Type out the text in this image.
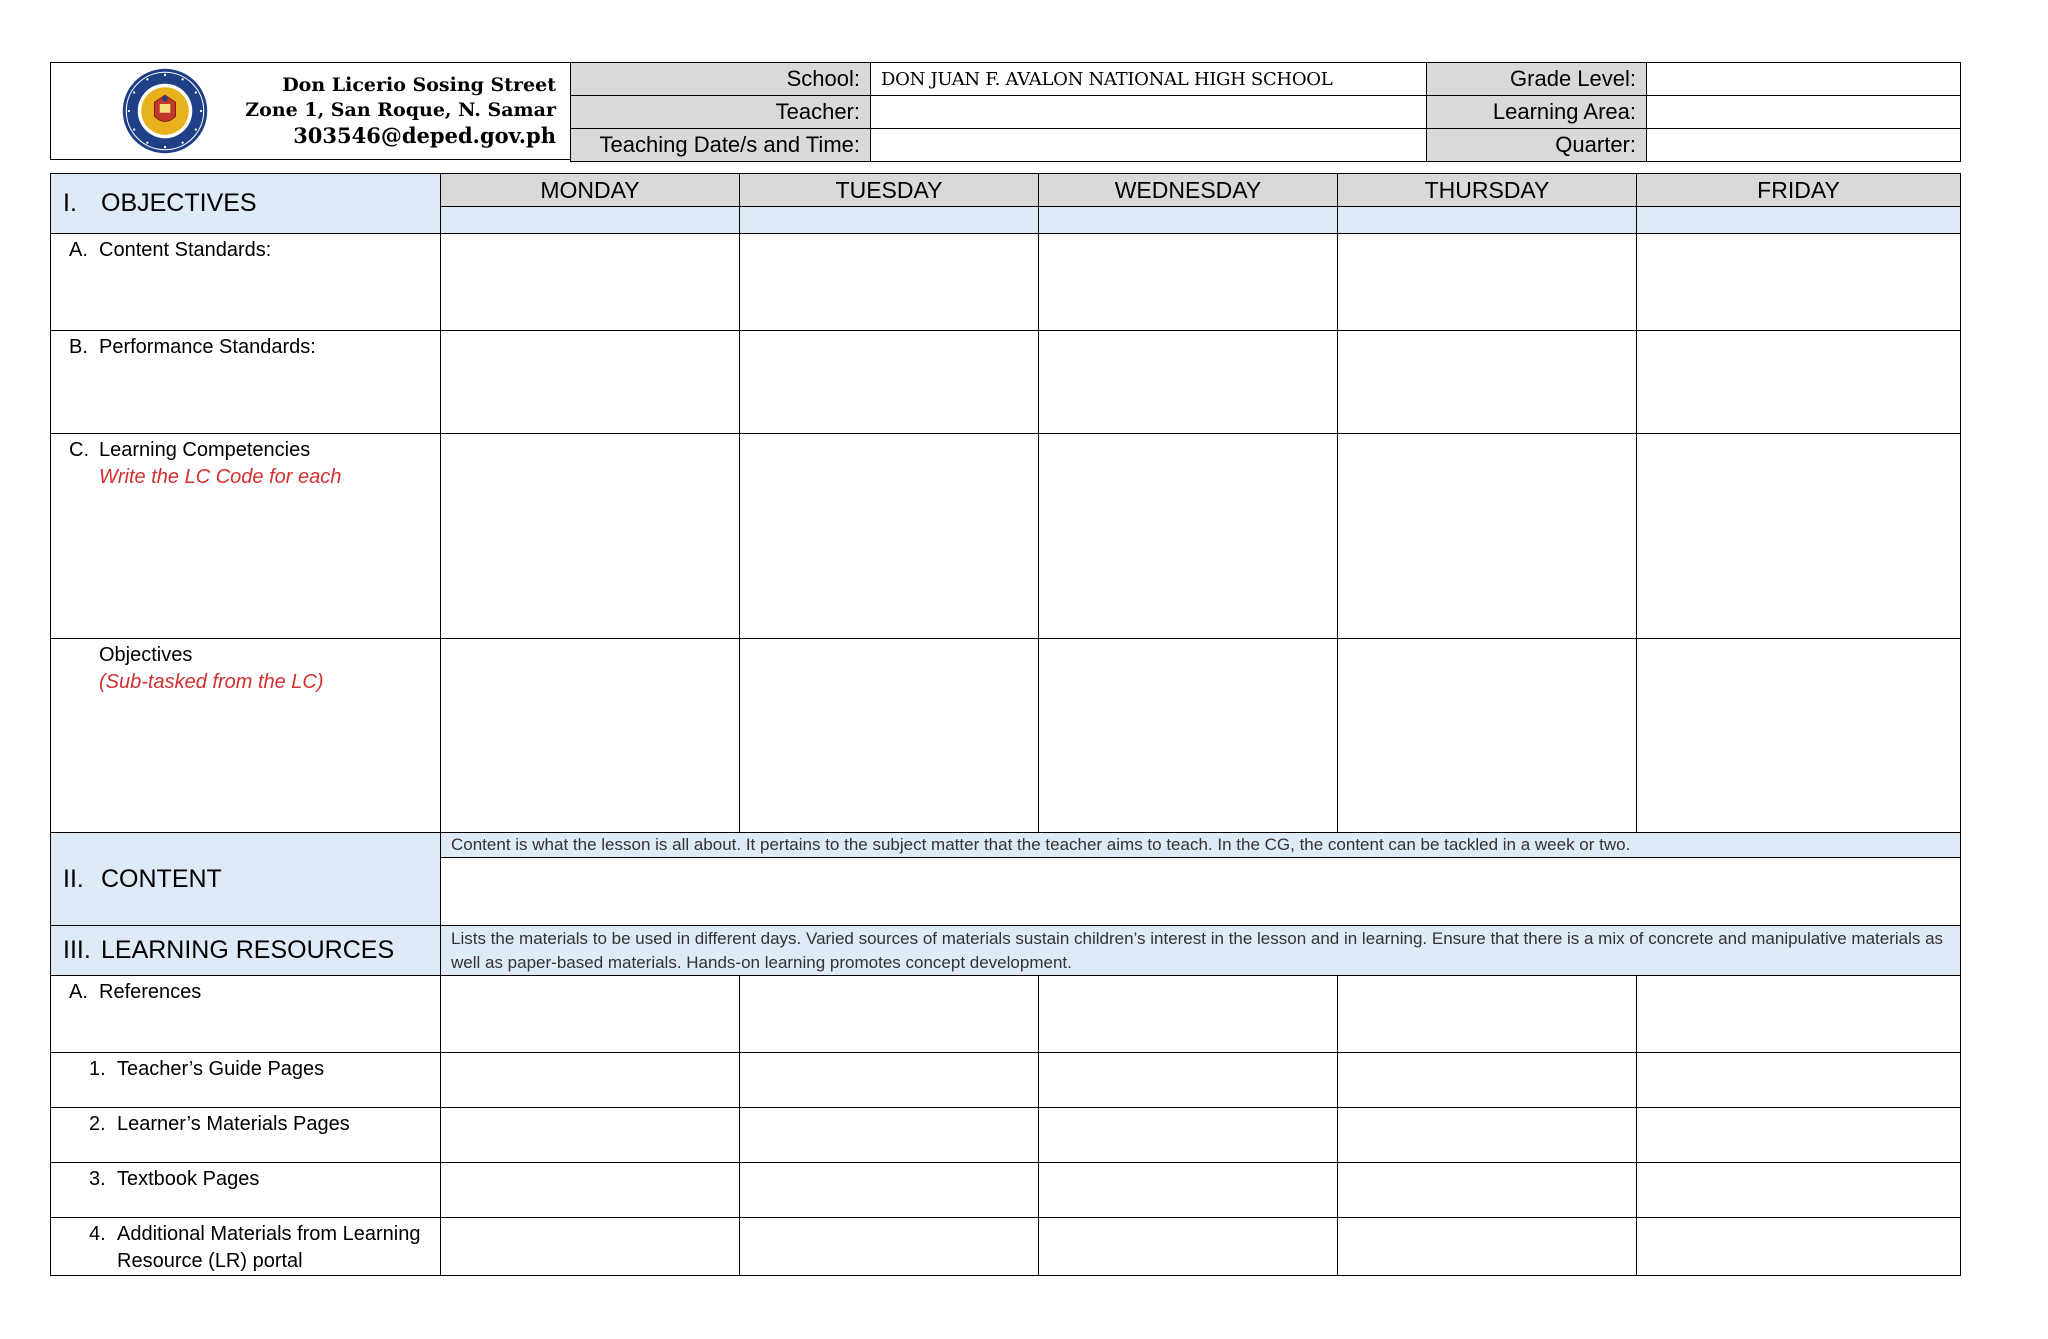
Don Licerio Sosing Street
Zone 1, San Roque, N. Samar
303546@deped.gov.ph
School:	DON JUAN F. AVALON NATIONAL HIGH SCHOOL	Grade Level:	
Teacher:		Learning Area:	
Teaching Date/s and Time:		Quarter:	
I. OBJECTIVES	MONDAY	TUESDAY	WEDNESDAY	THURSDAY	FRIDAY

A. Content Standards:					
B. Performance Standards:					

C. Learning Competencies
Write the LC Code for each					

Objectives
(Sub-tasked from the LC)					

II. CONTENT	Content is what the lesson is all about. It pertains to the subject matter that the teacher aims to teach. In the CG, the content can be tackled in a week or two.				

III. LEARNING RESOURCES	Lists the materials to be used in different days. Varied sources of materials sustain children’s interest in the lesson and in learning. Ensure that there is a mix of concrete and manipulative materials as well as paper-based materials. Hands-on learning promotes concept development.				
A. References					
1. Teacher’s Guide Pages					
2. Learner’s Materials Pages					
3. Textbook Pages					

4. Additional Materials from Learning
Resource (LR) portal					
